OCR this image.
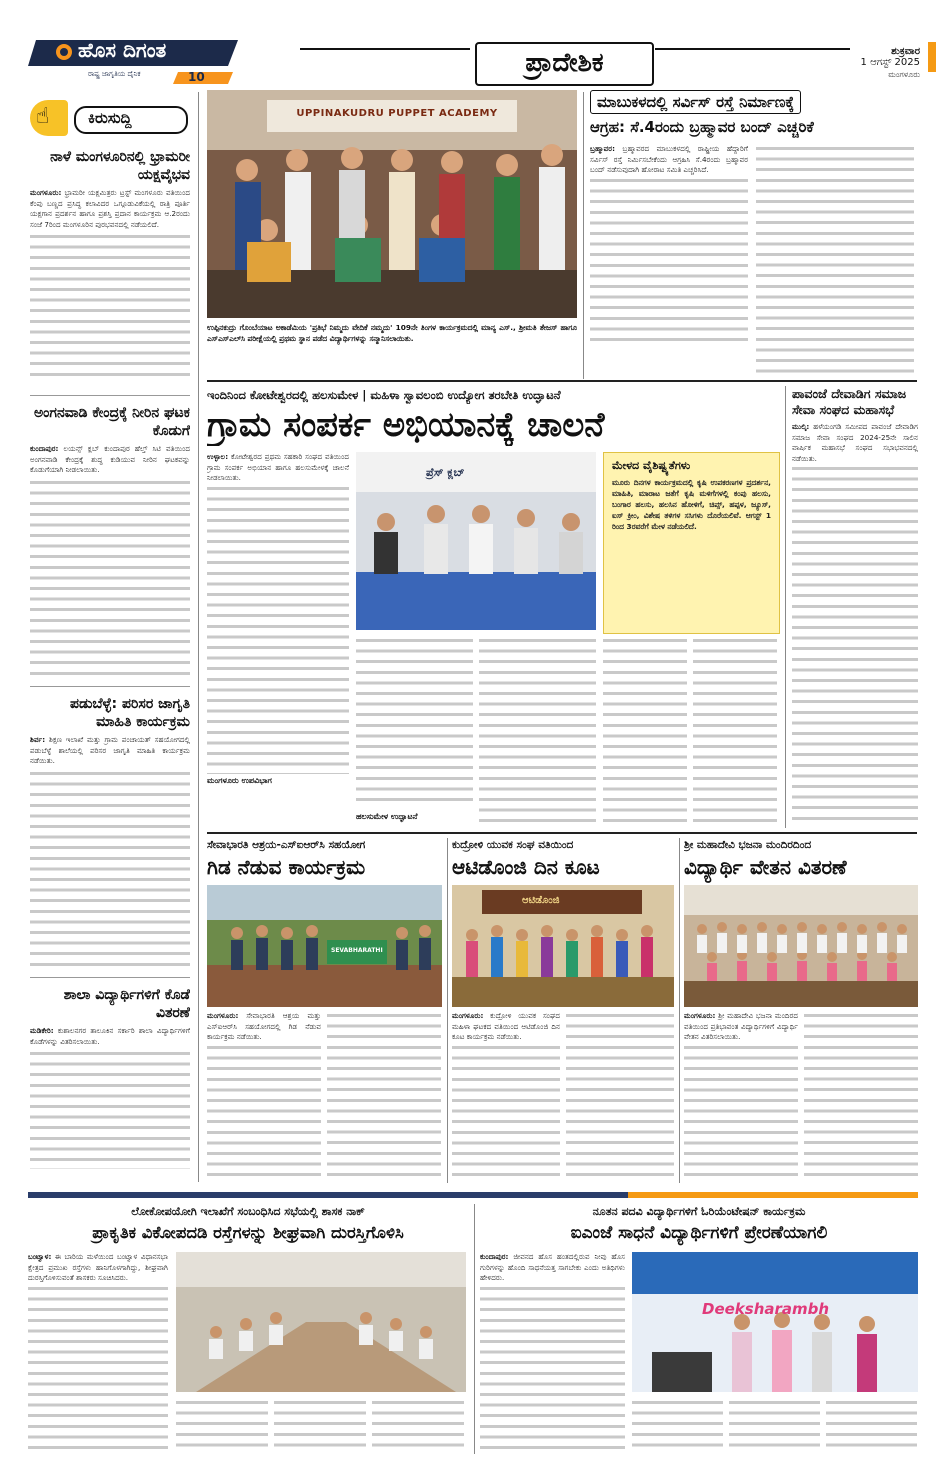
ಹೊಸ ದಿಗಂತ
ರಾಷ್ಟ್ರ ಜಾಗೃತಿಯ ದೈನಿಕ	10	ಪ್ರಾದೇಶಿಕ	ಶುಕ್ರವಾರ
1 ಆಗಸ್ಟ್ 2025
ಮಂಗಳೂರು
☝	ಕಿರುಸುದ್ದಿ
ನಾಳೆ ಮಂಗಳೂರಿನಲ್ಲಿ ಭ್ರಾಮರೀ ಯಕ್ಷವೈಭವ
ಮಂಗಳೂರು: ಭ್ರಾಮರೀ ಯಕ್ಷಮಿತ್ರರು ಟ್ರಸ್ಟ್ ಮಂಗಳೂರು ವತಿಯಿಂದ ಕೆಂಪು ಬಣ್ಣದ ಪ್ರಸಿದ್ಧ ಕಲಾವಿದರ ಒಗ್ಗೂಡುವಿಕೆಯಲ್ಲಿ ರಾತ್ರಿ ಪೂರ್ತಿ ಯಕ್ಷಗಾನ ಪ್ರದರ್ಶನ ಹಾಗೂ ಪ್ರಶಸ್ತಿ ಪ್ರದಾನ ಕಾರ್ಯಕ್ರಮ ಆ.2ರಂದು ಸಂಜೆ 7ರಿಂದ ಮಂಗಳೂರಿನ ಪುರಭವನದಲ್ಲಿ ನಡೆಯಲಿದೆ.
ಅಂಗನವಾಡಿ ಕೇಂದ್ರಕ್ಕೆ ನೀರಿನ ಘಟಕ ಕೊಡುಗೆ
ಕುಂದಾಪುರ: ಲಯನ್ಸ್ ಕ್ಲಬ್ ಕುಂದಾಪುರ ಹೆಲ್ತ್ ಸಿಟಿ ವತಿಯಿಂದ ಅಂಗನವಾಡಿ ಕೇಂದ್ರಕ್ಕೆ ಶುದ್ಧ ಕುಡಿಯುವ ನೀರಿನ ಘಟಕವನ್ನು ಕೊಡುಗೆಯಾಗಿ ನೀಡಲಾಯಿತು.
ಪಡುಬೆಳ್ಳೆ: ಪರಿಸರ ಜಾಗೃತಿ ಮಾಹಿತಿ ಕಾರ್ಯಕ್ರಮ
ಶಿರ್ವ: ಶಿಕ್ಷಣ ಇಲಾಖೆ ಮತ್ತು ಗ್ರಾಮ ಪಂಚಾಯತ್ ಸಹಯೋಗದಲ್ಲಿ ಪಡುಬೆಳ್ಳೆ ಶಾಲೆಯಲ್ಲಿ ಪರಿಸರ ಜಾಗೃತಿ ಮಾಹಿತಿ ಕಾರ್ಯಕ್ರಮ ನಡೆಯಿತು.
ಶಾಲಾ ವಿದ್ಯಾರ್ಥಿಗಳಿಗೆ ಕೊಡೆ ವಿತರಣೆ
ಮಡಿಕೇರಿ: ಕುಶಾಲನಗರ ತಾಲೂಕಿನ ಸರ್ಕಾರಿ ಶಾಲಾ ವಿದ್ಯಾರ್ಥಿಗಳಿಗೆ ಕೊಡೆಗಳನ್ನು ವಿತರಿಸಲಾಯಿತು.
UPPINAKUDRU PUPPET ACADEMY
ಉಪ್ಪಿನಕುದ್ರು ಗೊಂಬೆಯಾಟ ಅಕಾಡೆಮಿಯ 'ಪ್ರತಿಭೆ ನಿಮ್ಮದು ವೇದಿಕೆ ನಮ್ಮದು' 109ನೇ ತಿಂಗಳ ಕಾರ್ಯಕ್ರಮದಲ್ಲಿ ಮಾನ್ಯ ಎಸ್., ಶ್ರೀಮತಿ ತೇಜಸ್ ಹಾಗೂ ಎಸ್ಎಸ್ಎಲ್‌ಸಿ ಪರೀಕ್ಷೆಯಲ್ಲಿ ಪ್ರಥಮ ಸ್ಥಾನ ಪಡೆದ ವಿದ್ಯಾರ್ಥಿಗಳನ್ನು ಸನ್ಮಾನಿಸಲಾಯಿತು.
ಮಾಬುಕಳದಲ್ಲಿ ಸರ್ವಿಸ್ ರಸ್ತೆ ನಿರ್ಮಾಣಕ್ಕೆ
ಆಗ್ರಹ: ಸೆ.4ರಂದು ಬ್ರಹ್ಮಾವರ ಬಂದ್ ಎಚ್ಚರಿಕೆ
ಬ್ರಹ್ಮಾವರ: ಬ್ರಹ್ಮಾವರದ ಮಾಬುಕಳದಲ್ಲಿ ರಾಷ್ಟ್ರೀಯ ಹೆದ್ದಾರಿಗೆ ಸರ್ವಿಸ್ ರಸ್ತೆ ನಿರ್ಮಿಸಬೇಕೆಂದು ಆಗ್ರಹಿಸಿ ಸೆ.4ರಂದು ಬ್ರಹ್ಮಾವರ ಬಂದ್ ನಡೆಸುವುದಾಗಿ ಹೋರಾಟ ಸಮಿತಿ ಎಚ್ಚರಿಸಿದೆ.
ಇಂದಿನಿಂದ ಕೋಟೇಶ್ವರದಲ್ಲಿ ಹಲಸುಮೇಳ | ಮಹಿಳಾ ಸ್ವಾವಲಂಬಿ ಉದ್ಯೋಗ ತರಬೇತಿ ಉದ್ಘಾಟನೆ
ಗ್ರಾಮ ಸಂಪರ್ಕ ಅಭಿಯಾನಕ್ಕೆ ಚಾಲನೆ
ಉಳ್ಳಾಲ: ಕೋಟೇಶ್ವರದ ಪ್ರಥಮ ಸಹಕಾರಿ ಸಂಘದ ವತಿಯಿಂದ ಗ್ರಾಮ ಸಂಪರ್ಕ ಅಭಿಯಾನ ಹಾಗೂ ಹಲಸುಮೇಳಕ್ಕೆ ಚಾಲನೆ ನೀಡಲಾಯಿತು.
ಮಂಗಳೂರು ಉಪವಿಭಾಗ
ಪ್ರೆಸ್ ಕ್ಲಬ್
ಹಲಸುಮೇಳ ಉದ್ಘಾಟನೆ
ಮೇಳದ ವೈಶಿಷ್ಟ್ಯತೆಗಳು
ಮೂರು ದಿನಗಳ ಕಾರ್ಯಕ್ರಮದಲ್ಲಿ ಕೃಷಿ ಉಪಕರಣಗಳ ಪ್ರದರ್ಶನ, ಮಾಹಿತಿ, ಮಾರಾಟ ಜತೆಗೆ ಕೃಷಿ ಮಳಿಗೆಗಳಲ್ಲಿ ಕಂಪು ಹಲಸು, ಬಂಗಾರ ಹಲಸು, ಹಲಸಿನ ಹೋಳಿಗೆ, ಚಿಪ್ಸ್, ಹಪ್ಪಳ, ಜ್ಯೂಸ್, ಐಸ್ ಕ್ರೀಂ, ವಿಶೇಷ ತಳಿಗಳ ಸಸಿಗಳು ದೊರೆಯಲಿವೆ. ಆಗಸ್ಟ್ 1 ರಿಂದ 3ರವರೆಗೆ ಮೇಳ ನಡೆಯಲಿದೆ.
ಪಾವಂಜೆ ದೇವಾಡಿಗ ಸಮಾಜ ಸೇವಾ ಸಂಘದ ಮಹಾಸಭೆ
ಮುಲ್ಕಿ: ಹಳೆಯಂಗಡಿ ಸಮೀಪದ ಪಾವಂಜೆ ದೇವಾಡಿಗ ಸಮಾಜ ಸೇವಾ ಸಂಘದ 2024-25ನೇ ಸಾಲಿನ ವಾರ್ಷಿಕ ಮಹಾಸಭೆ ಸಂಘದ ಸಭಾಭವನದಲ್ಲಿ ನಡೆಯಿತು.
ಸೇವಾಭಾರತಿ ಆಶ್ರಯ-ಎಸ್ಐಆರ್‌ಸಿ ಸಹಯೋಗ
ಗಿಡ ನೆಡುವ ಕಾರ್ಯಕ್ರಮ
SEVABHARATHI
ಮಂಗಳೂರು: ಸೇವಾಭಾರತಿ ಆಶ್ರಯ ಮತ್ತು ಎಸ್ಐಆರ್‌ಸಿ ಸಹಯೋಗದಲ್ಲಿ ಗಿಡ ನೆಡುವ ಕಾರ್ಯಕ್ರಮ ನಡೆಯಿತು.
ಕುದ್ರೋಳಿ ಯುವಕ ಸಂಘ ವತಿಯಿಂದ
ಆಟಿಡೊಂಜಿ ದಿನ ಕೂಟ
ಆಟಿಡೊಂಜಿ
ಮಂಗಳೂರು: ಕುದ್ರೋಳಿ ಯುವಕ ಸಂಘದ ಮಹಿಳಾ ಘಟಕದ ವತಿಯಿಂದ ಆಟಿಡೊಂಜಿ ದಿನ ಕೂಟ ಕಾರ್ಯಕ್ರಮ ನಡೆಯಿತು.
ಶ್ರೀ ಮಹಾದೇವಿ ಭಜನಾ ಮಂದಿರದಿಂದ
ವಿದ್ಯಾರ್ಥಿ ವೇತನ ವಿತರಣೆ
ಮಂಗಳೂರು: ಶ್ರೀ ಮಹಾದೇವಿ ಭಜನಾ ಮಂದಿರದ ವತಿಯಿಂದ ಪ್ರತಿಭಾವಂತ ವಿದ್ಯಾರ್ಥಿಗಳಿಗೆ ವಿದ್ಯಾರ್ಥಿ ವೇತನ ವಿತರಿಸಲಾಯಿತು.
ಲೋಕೋಪಯೋಗಿ ಇಲಾಖೆಗೆ ಸಂಬಂಧಿಸಿದ ಸಭೆಯಲ್ಲಿ ಶಾಸಕ ನಾಕ್
ಪ್ರಾಕೃತಿಕ ವಿಕೋಪದಡಿ ರಸ್ತೆಗಳನ್ನು ಶೀಘ್ರವಾಗಿ ದುರಸ್ತಿಗೊಳಿಸಿ
ಬಂಟ್ವಾಳ: ಈ ಬಾರಿಯ ಮಳೆಯಿಂದ ಬಂಟ್ವಾಳ ವಿಧಾನಸಭಾ ಕ್ಷೇತ್ರದ ಪ್ರಮುಖ ರಸ್ತೆಗಳು ಹಾನಿಗೊಳಗಾಗಿದ್ದು, ಶೀಘ್ರವಾಗಿ ದುರಸ್ತಿಗೊಳಿಸುವಂತೆ ಶಾಸಕರು ಸೂಚಿಸಿದರು.
ನೂತನ ಪದವಿ ವಿದ್ಯಾರ್ಥಿಗಳಿಗೆ ಓರಿಯೆಂಟೇಷನ್ ಕಾರ್ಯಕ್ರಮ
ಐಎಂಜೆ ಸಾಧನೆ ವಿದ್ಯಾರ್ಥಿಗಳಿಗೆ ಪ್ರೇರಣೆಯಾಗಲಿ
ಕುಂದಾಪುರ: ಜೀವನದ ಹೊಸ ಹಂತದಲ್ಲಿರುವ ನೀವು ಹೊಸ ಗುರಿಗಳನ್ನು ಹೊಂದಿ ಸಾಧನೆಯತ್ತ ಸಾಗಬೇಕು ಎಂದು ಅತಿಥಿಗಳು ಹೇಳಿದರು.
Deeksharambh
